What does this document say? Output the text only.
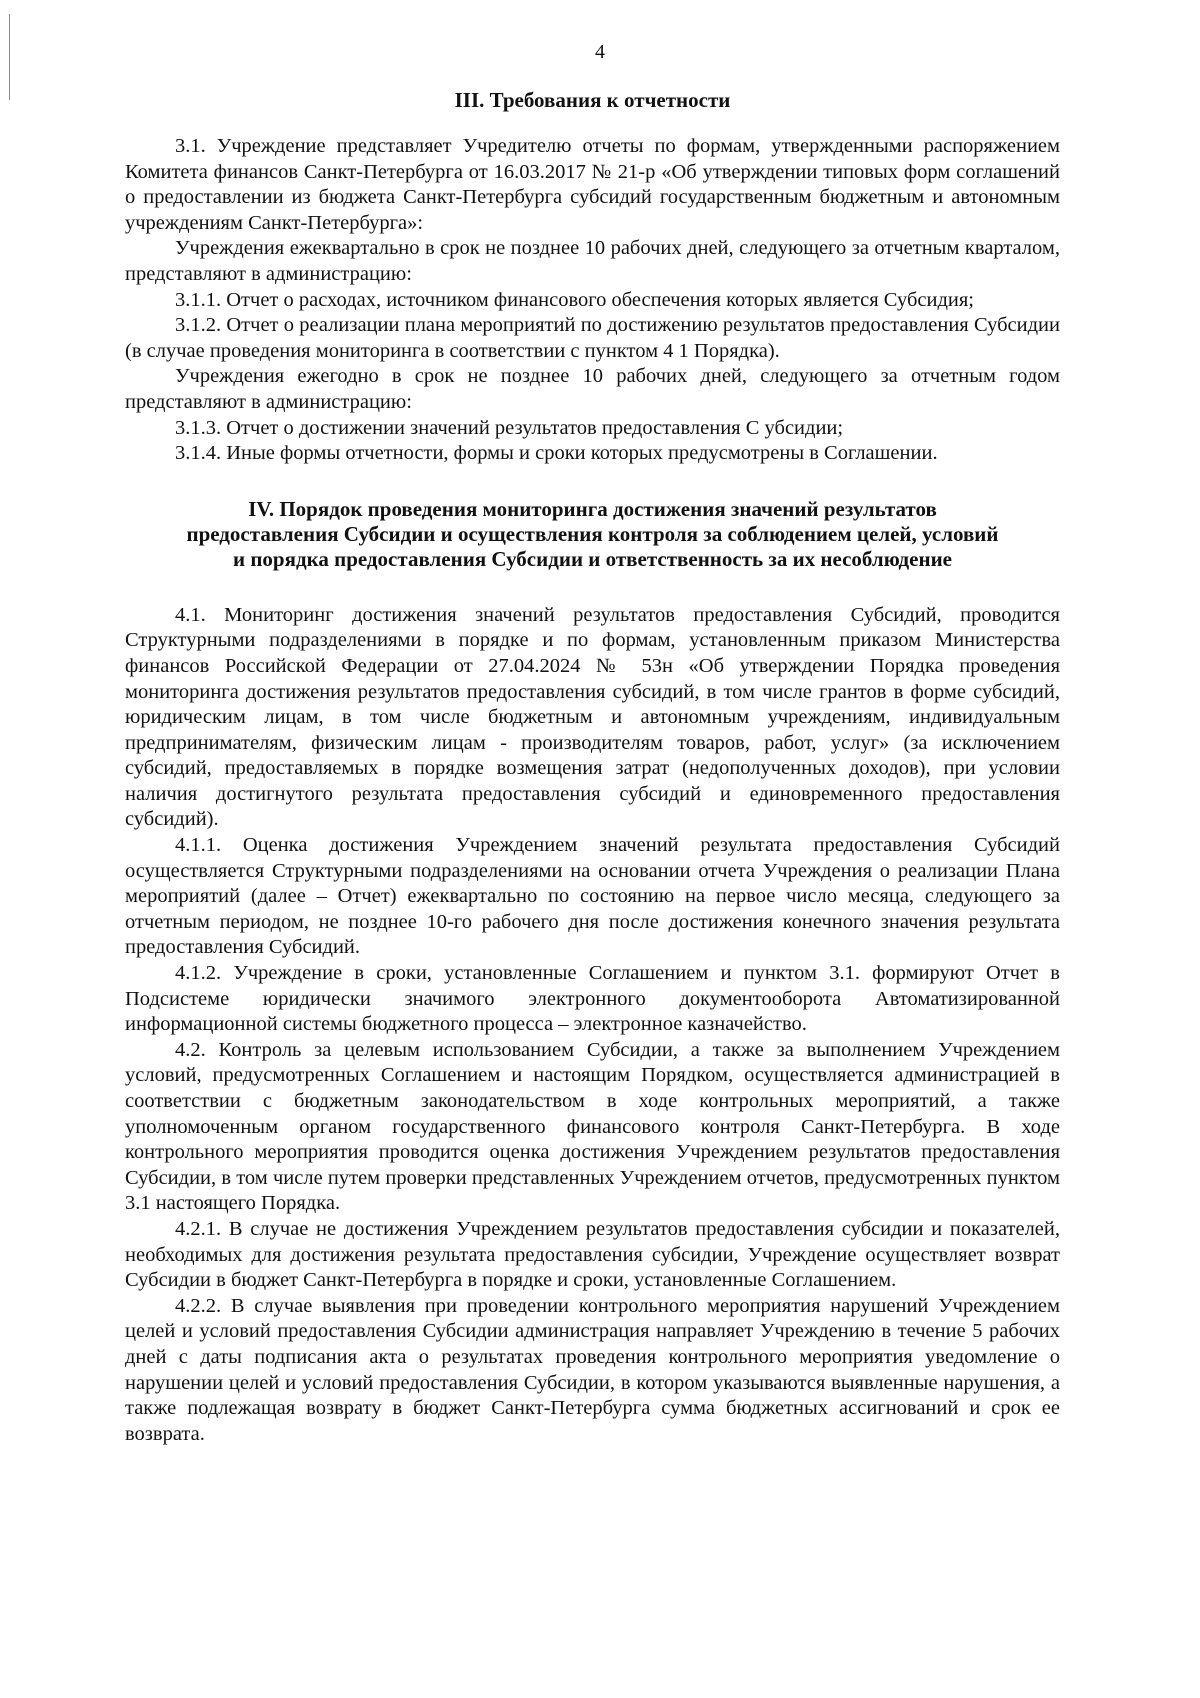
4
III. Требования к отчетности

3.1. Учреждение представляет Учредителю отчеты по формам, утвержденными распоряжением Комитета финансов Санкт-Петербурга от 16.03.2017 № 21-р «Об утверждении типовых форм соглашений о предоставлении из бюджета Санкт-Петербурга субсидий государственным бюджетным и автономным учреждениям Санкт-Петербурга»:

Учреждения ежеквартально в срок не позднее 10 рабочих дней, следующего за отчетным кварталом, представляют в администрацию:

3.1.1. Отчет о расходах, источником финансового обеспечения которых является Субсидия;

3.1.2. Отчет о реализации плана мероприятий по достижению результатов предоставления Субсидии (в случае проведения мониторинга в соответствии с пунктом 4 1 Порядка).

Учреждения ежегодно в срок не позднее 10 рабочих дней, следующего за отчетным годом представляют в администрацию:

3.1.3. Отчет о достижении значений результатов предоставления С убсидии;

3.1.4. Иные формы отчетности, формы и сроки которых предусмотрены в Соглашении.

IV. Порядок проведения мониторинга достижения значений результатов
предоставления Субсидии и осуществления контроля за соблюдением целей, условий
и порядка предоставления Субсидии и ответственность за их несоблюдение

4.1. Мониторинг достижения значений результатов предоставления Субсидий, проводится Структурными подразделениями в порядке и по формам, установленным приказом Министерства финансов Российской Федерации от 27.04.2024 № 53н «Об утверждении Порядка проведения мониторинга достижения результатов предоставления субсидий, в том числе грантов в форме субсидий, юридическим лицам, в том числе бюджетным и автономным учреждениям, индивидуальным предпринимателям, физическим лицам - производителям товаров, работ, услуг» (за исключением субсидий, предоставляемых в порядке возмещения затрат (недополученных доходов), при условии наличия достигнутого результата предоставления субсидий и единовременного предоставления субсидий).

4.1.1. Оценка достижения Учреждением значений результата предоставления Субсидий осуществляется Структурными подразделениями на основании отчета Учреждения о реализации Плана мероприятий (далее – Отчет) ежеквартально по состоянию на первое число месяца, следующего за отчетным периодом, не позднее 10-го рабочего дня после достижения конечного значения результата предоставления Субсидий.

4.1.2. Учреждение в сроки, установленные Соглашением и пунктом 3.1. формируют Отчет в Подсистеме юридически значимого электронного документооборота Автоматизированной информационной системы бюджетного процесса – электронное казначейство.

4.2. Контроль за целевым использованием Субсидии, а также за выполнением Учреждением условий, предусмотренных Соглашением и настоящим Порядком, осуществляется администрацией в соответствии с бюджетным законодательством в ходе контрольных мероприятий, а также уполномоченным органом государственного финансового контроля Санкт-Петербурга. В ходе контрольного мероприятия проводится оценка достижения Учреждением результатов предоставления Субсидии, в том числе путем проверки представленных Учреждением отчетов, предусмотренных пунктом 3.1 настоящего Порядка.

4.2.1. В случае не достижения Учреждением результатов предоставления субсидии и показателей, необходимых для достижения результата предоставления субсидии, Учреждение осуществляет возврат Субсидии в бюджет Санкт-Петербурга в порядке и сроки, установленные Соглашением.

4.2.2. В случае выявления при проведении контрольного мероприятия нарушений Учреждением целей и условий предоставления Субсидии администрация направляет Учреждению в течение 5 рабочих дней с даты подписания акта о результатах проведения контрольного мероприятия уведомление о нарушении целей и условий предоставления Субсидии, в котором указываются выявленные нарушения, а также подлежащая возврату в бюджет Санкт-Петербурга сумма бюджетных ассигнований и срок ее возврата.
